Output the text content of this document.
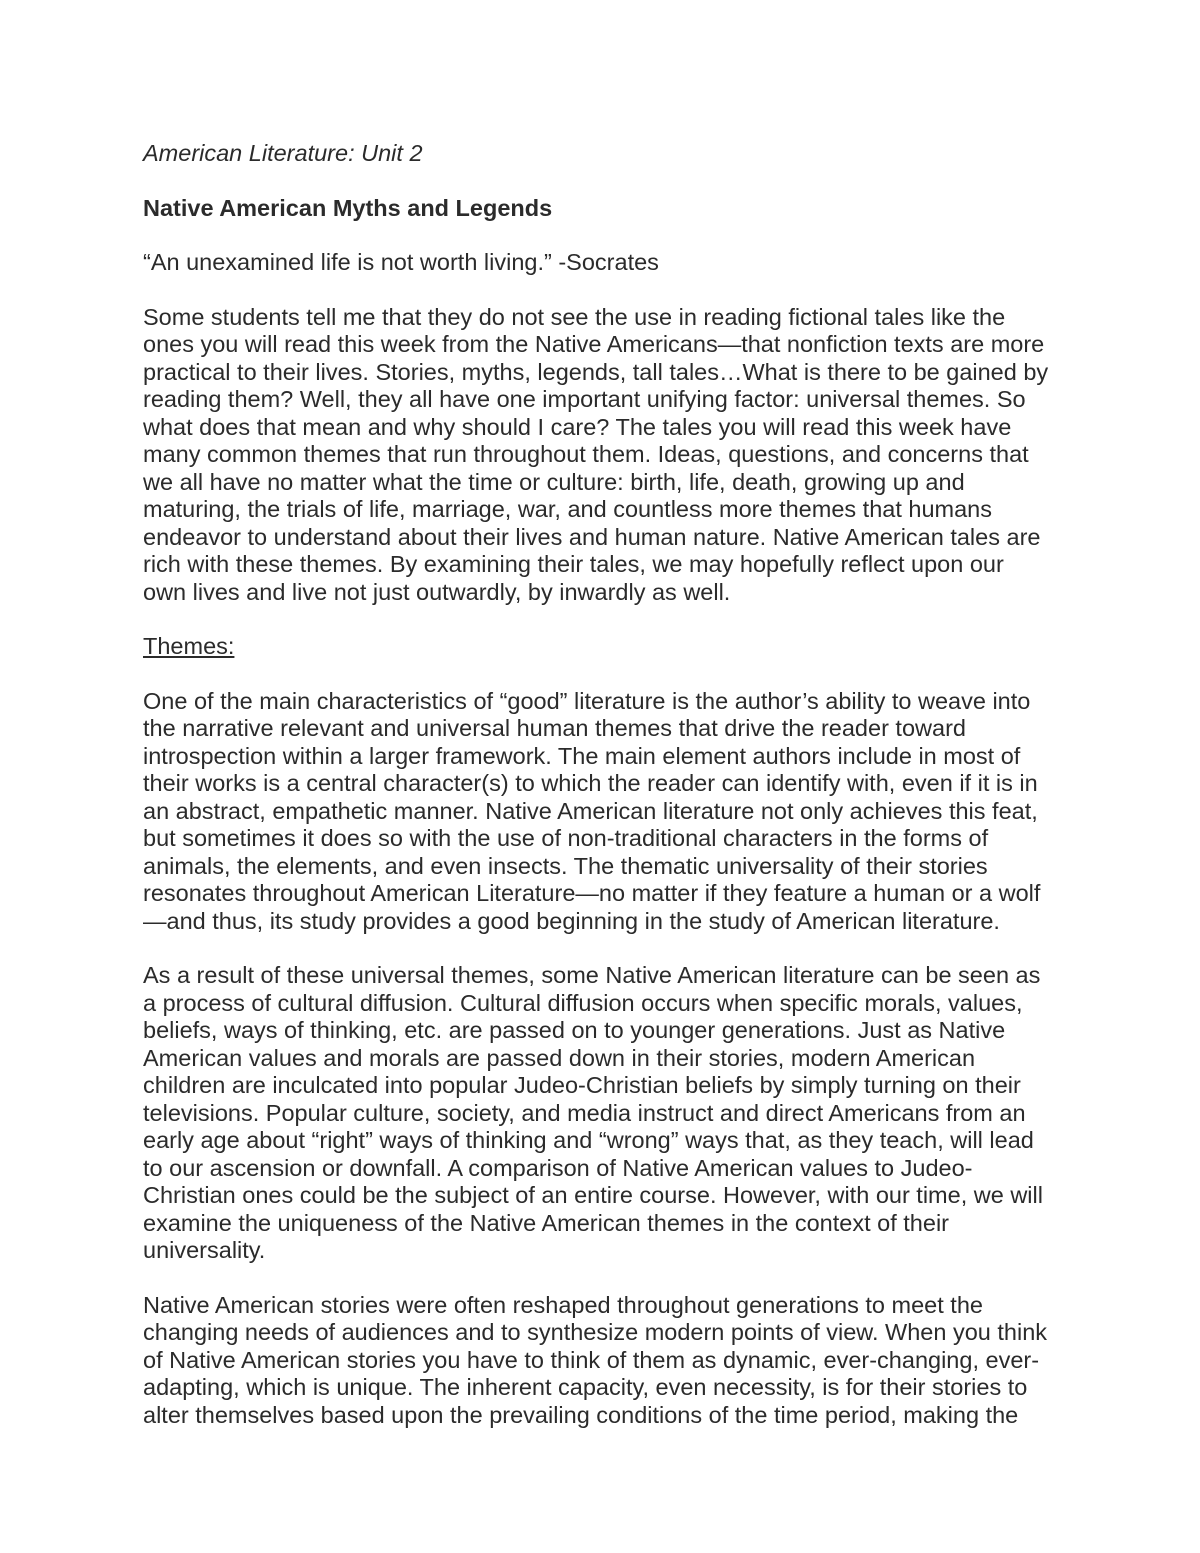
American Literature: Unit 2
Native American Myths and Legends
“An unexamined life is not worth living.” -Socrates
Some students tell me that they do not see the use in reading fictional tales like the
ones you will read this week from the Native Americans—that nonfiction texts are more
practical to their lives. Stories, myths, legends, tall tales…What is there to be gained by
reading them? Well, they all have one important unifying factor: universal themes. So
what does that mean and why should I care? The tales you will read this week have
many common themes that run throughout them. Ideas, questions, and concerns that
we all have no matter what the time or culture: birth, life, death, growing up and
maturing, the trials of life, marriage, war, and countless more themes that humans
endeavor to understand about their lives and human nature. Native American tales are
rich with these themes. By examining their tales, we may hopefully reflect upon our
own lives and live not just outwardly, by inwardly as well.
Themes:
One of the main characteristics of “good” literature is the author’s ability to weave into
the narrative relevant and universal human themes that drive the reader toward
introspection within a larger framework. The main element authors include in most of
their works is a central character(s) to which the reader can identify with, even if it is in
an abstract, empathetic manner. Native American literature not only achieves this feat,
but sometimes it does so with the use of non-traditional characters in the forms of
animals, the elements, and even insects. The thematic universality of their stories
resonates throughout American Literature—no matter if they feature a human or a wolf
—and thus, its study provides a good beginning in the study of American literature.
As a result of these universal themes, some Native American literature can be seen as
a process of cultural diffusion. Cultural diffusion occurs when specific morals, values,
beliefs, ways of thinking, etc. are passed on to younger generations. Just as Native
American values and morals are passed down in their stories, modern American
children are inculcated into popular Judeo-Christian beliefs by simply turning on their
televisions. Popular culture, society, and media instruct and direct Americans from an
early age about “right” ways of thinking and “wrong” ways that, as they teach, will lead
to our ascension or downfall. A comparison of Native American values to Judeo-
Christian ones could be the subject of an entire course. However, with our time, we will
examine the uniqueness of the Native American themes in the context of their
universality.
Native American stories were often reshaped throughout generations to meet the
changing needs of audiences and to synthesize modern points of view. When you think
of Native American stories you have to think of them as dynamic, ever-changing, ever-
adapting, which is unique. The inherent capacity, even necessity, is for their stories to
alter themselves based upon the prevailing conditions of the time period, making the
